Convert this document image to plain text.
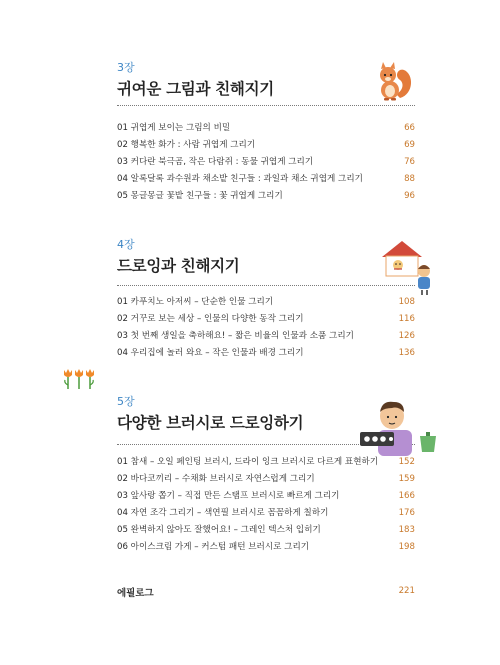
3장
귀여운 그림과 친해지기
01 귀엽게 보이는 그림의 비밀	66
02 행복한 화가 : 사람 귀엽게 그리기	69
03 커다란 북극곰, 작은 다람쥐 : 동물 귀엽게 그리기	76
04 알록달록 과수원과 채소밭 친구들 : 과일과 채소 귀엽게 그리기	88
05 몽글몽글 꽃밭 친구들 : 꽃 귀엽게 그리기	96
4장
드로잉과 친해지기
01 카푸치노 아저씨 – 단순한 인물 그리기	108
02 거꾸로 보는 세상 – 인물의 다양한 동작 그리기	116
03 첫 번째 생일을 축하해요! – 짧은 비율의 인물과 소품 그리기	126
04 우리집에 놀러 와요 – 작은 인물과 배경 그리기	136
5장
다양한 브러시로 드로잉하기
01 참새 – 오일 페인팅 브러시, 드라이 잉크 브러시로 다르게 표현하기 152
02 바다코끼리 – 수채화 브러시로 자연스럽게 그리기	159
03 앞사랑 쫍기 – 직접 만든 스탬프 브러시로 빠르게 그리기	166
04 자연 조각 그리기 – 색연필 브러시로 꼼꼼하게 칠하기	176
05 완벽하지 않아도 잘했어요! – 그레인 텍스처 입히기	183
06 아이스크림 가게 – 커스텀 패턴 브러시로 그리기	198
에필로그	221
